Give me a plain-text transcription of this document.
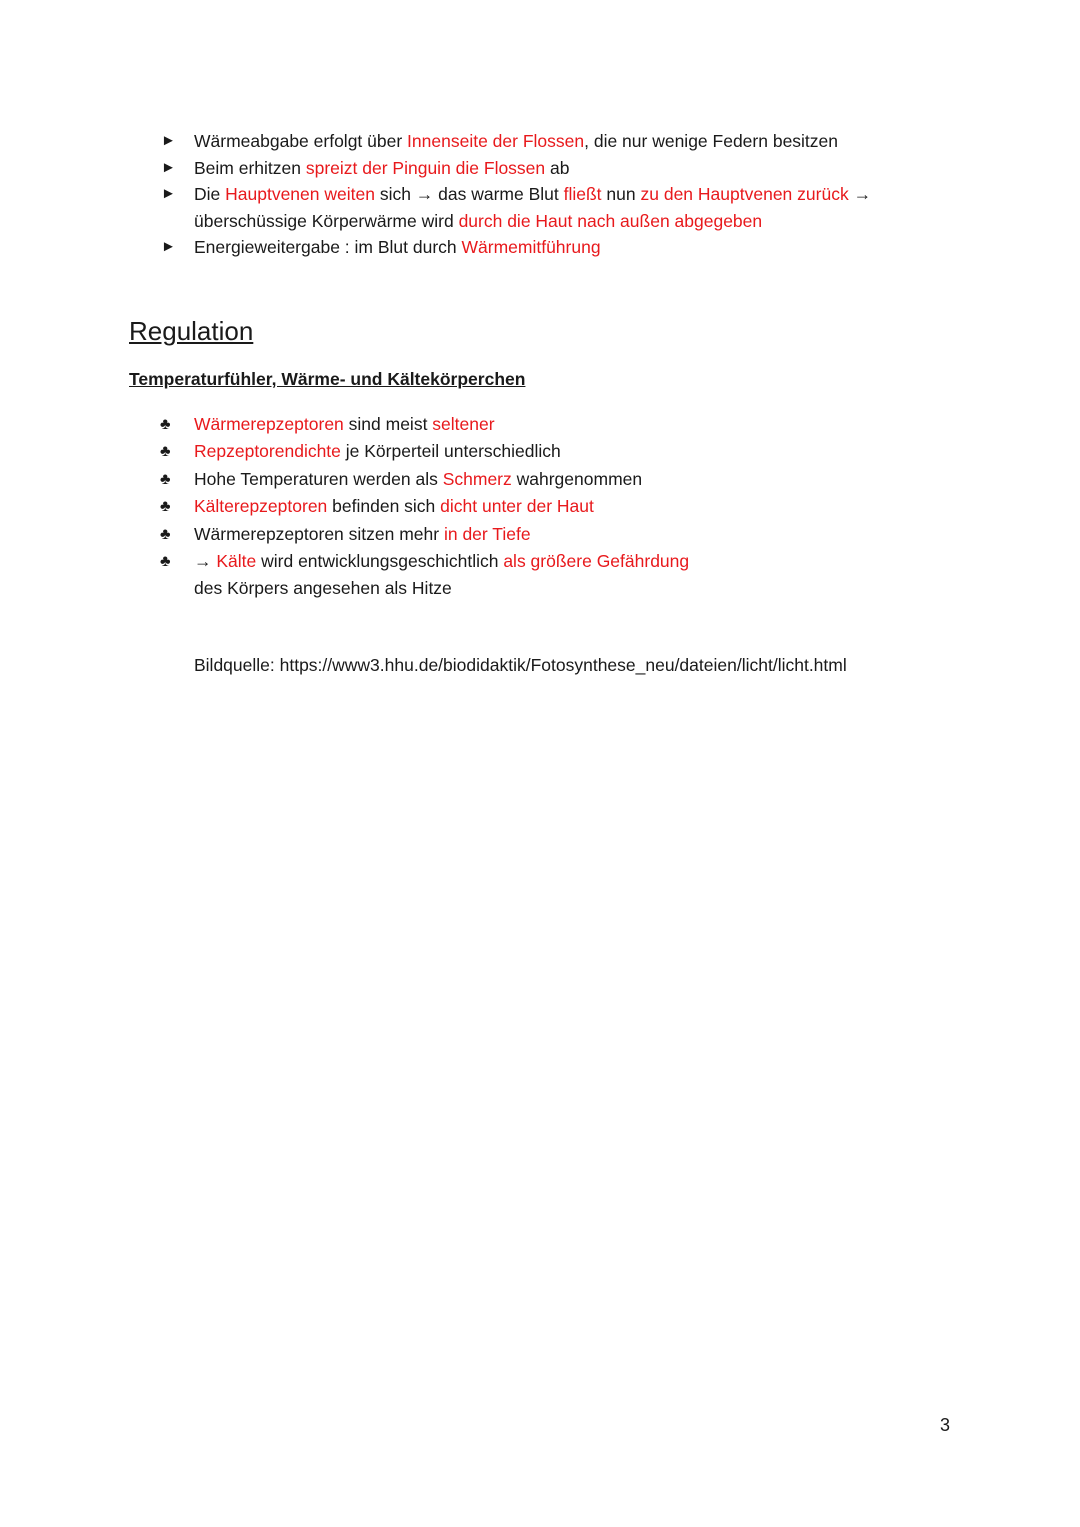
► Wärmeabgabe erfolgt über Innenseite der Flossen, die nur wenige Federn besitzen
► Beim erhitzen spreizt der Pinguin die Flossen ab
► Die Hauptvenen weiten sich → das warme Blut fließt nun zu den Hauptvenen zurück →
überschüssige Körperwärme wird durch die Haut nach außen abgegeben
► Energieweitergabe : im Blut durch Wärmemitführung
Regulation
Temperaturfühler, Wärme- und Kältekörperchen
♣ Wärmerepzeptoren sind meist seltener
♣ Repzeptorendichte je Körperteil unterschiedlich
♣ Hohe Temperaturen werden als Schmerz wahrgenommen
♣ Kälterepzeptoren befinden sich dicht unter der Haut
♣ Wärmerepzeptoren sitzen mehr in der Tiefe
♣ → Kälte wird entwicklungsgeschichtlich als größere Gefährdung
des Körpers angesehen als Hitze

Bildquelle: https://www3.hhu.de/biodidaktik/Fotosynthese_neu/dateien/licht/licht.html

3
